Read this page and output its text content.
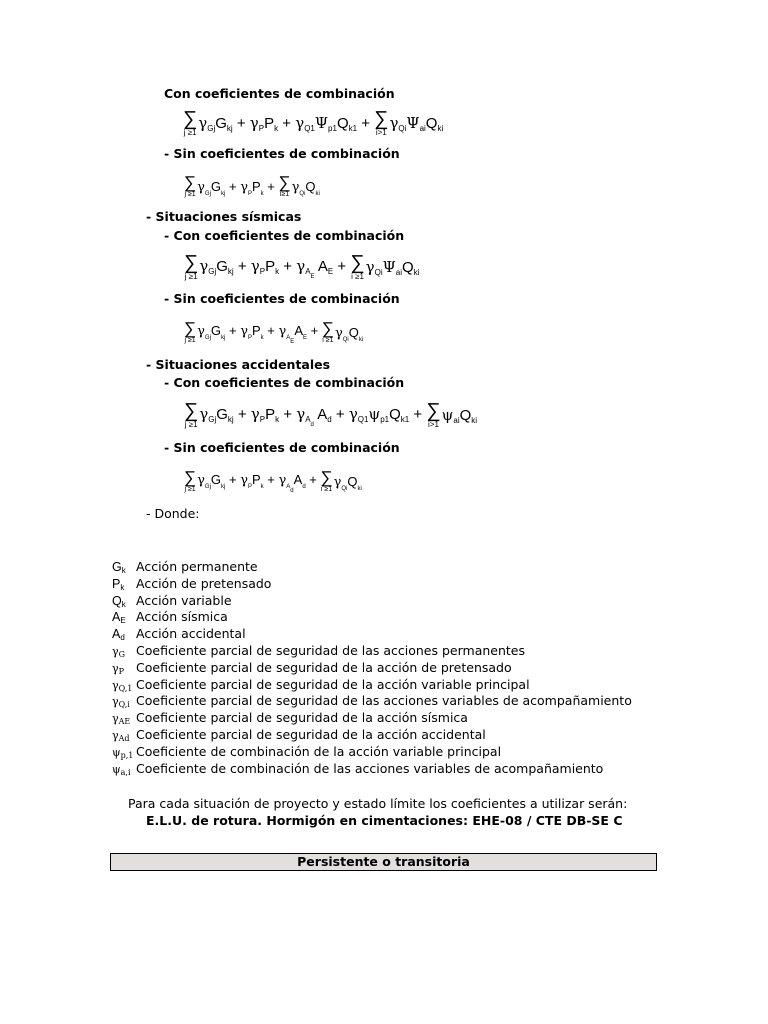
Con coeficientes de combinación
∑
j ≥1
$\gamma_{Gj}G_{kj} + \gamma_PP_k + \gamma_{Q1}\Psi_{p1}Q_{k1}$ + ∑
i>1
$\gamma_{Qi}\Psi_{ai}Q_{ki}$
- Sin coeficientes de combinación
∑
j ≥1 $\gamma_{Gj}G_{kj} + \gamma_PP_k$ + ∑
i≥1 $\gamma_{Qi}Q_{ki}$
- Situaciones sísmicas
- Con coeficientes de combinación
∑
j ≥1
$\gamma_{Gj}G_{kj} + \gamma_PP_k + \gamma_{A_E}$ $A_E$ + ∑
i ≥1
$\gamma_{Qi}\Psi_{ai}Q_{ki}$
- Sin coeficientes de combinación
∑
j ≥1
$\gamma_{Gj}G_{kj} + \gamma_PP_k + \gamma_{A_E}A_E$ + ∑
i ≥1 $\gamma_{Qi}Q_{ki}$
- Situaciones accidentales
- Con coeficientes de combinación
∑
j ≥1
$\gamma_{Gj}G_{kj} + \gamma_PP_k + \gamma_{A_d}$ $A_d + \gamma_{Q1}\psi_{p1}Q_{k1}$ + ∑
i>1
$\psi_{ai}Q_{ki}$
- Sin coeficientes de combinación
∑
j ≥1
$\gamma_{Gj}G_{kj} + \gamma_PP_k + \gamma_{A_d}A_d$ + ∑
i ≥1 $\gamma_{Qi}Q_{ki}$
- Donde:
$G_k$ Acción permanente
$P_k$ Acción de pretensado
$Q_k$ Acción variable
$A_E$ Acción sísmica
$A_d$ Acción accidental
$\gamma_G$ Coeficiente parcial de seguridad de las acciones permanentes
$\gamma_P$ Coeficiente parcial de seguridad de la acción de pretensado
$\gamma_{Q,1}$ Coeficiente parcial de seguridad de la acción variable principal
$\gamma_{Q,i}$ Coeficiente parcial de seguridad de las acciones variables de acompañamiento
$\gamma_{AE}$ Coeficiente parcial de seguridad de la acción sísmica
$\gamma_{Ad}$ Coeficiente parcial de seguridad de la acción accidental
$\psi_{p,1}$ Coeficiente de combinación de la acción variable principal
$\psi_{a,i}$ Coeficiente de combinación de las acciones variables de acompañamiento
Para cada situación de proyecto y estado límite los coeficientes a utilizar serán:
E.L.U. de rotura. Hormigón en cimentaciones: EHE-08 / CTE DB-SE C
Persistente o transitoria
